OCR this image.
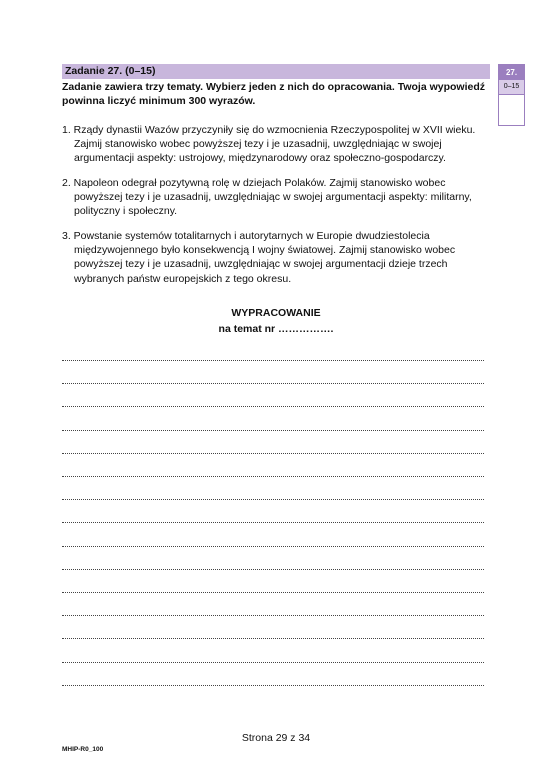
Zadanie 27. (0–15)
Zadanie zawiera trzy tematy. Wybierz jeden z nich do opracowania. Twoja wypowiedź
powinna liczyć minimum 300 wyrazów.
1. Rządy dynastii Wazów przyczyniły się do wzmocnienia Rzeczypospolitej w XVII wieku.
Zajmij stanowisko wobec powyższej tezy i je uzasadnij, uwzględniając w swojej
argumentacji aspekty: ustrojowy, międzynarodowy oraz społeczno-gospodarczy.
2. Napoleon odegrał pozytywną rolę w dziejach Polaków. Zajmij stanowisko wobec
powyższej tezy i je uzasadnij, uwzględniając w swojej argumentacji aspekty: militarny,
polityczny i społeczny.
3. Powstanie systemów totalitarnych i autorytarnych w Europie dwudziestolecia
międzywojennego było konsekwencją I wojny światowej. Zajmij stanowisko wobec
powyższej tezy i je uzasadnij, uwzględniając w swojej argumentacji dzieje trzech
wybranych państw europejskich z tego okresu.
WYPRACOWANIE
na temat nr …………….
27.
0–15
Strona 29 z 34
MHIP-R0_100
